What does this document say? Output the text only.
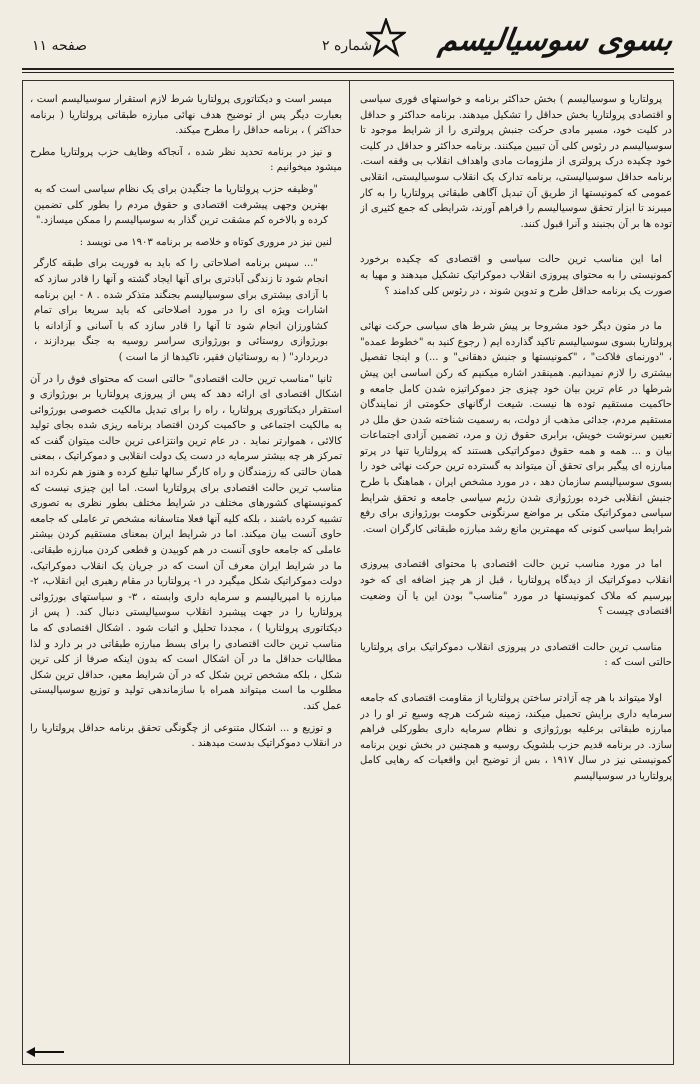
بسوی سوسیالیسم
شماره ۲
صفحه ۱۱

پرولتاریا و سوسیالیسم ) بخش حداکثر برنامه و خواستهای فوری سیاسی و اقتصادی پرولتاریا بخش حداقل را تشکیل میدهند. برنامه حداکثر و حداقل در کلیت خود، مسیر مادی حرکت جنبش پرولتری را از شرایط موجود تا سوسیالیسم در رئوس کلی آن تبیین میکنند. برنامه حداکثر و حداقل در کلیت خود چکیده درک پرولتری از ملزومات مادی واهداف انقلاب بی وقفه است. برنامه حداقل سوسیالیستی، برنامه تدارک یک انقلاب سوسیالیستی، انقلابی عمومی که کمونیستها از طریق آن تبدیل آگاهی طبقاتی پرولتاریا را به کار میبرند تا ابزار تحقق سوسیالیسم را فراهم آورند، شرایطی که جمع کثیری از توده ها بر آن بجنبند و آنرا قبول کنند.

اما این مناسب ترین حالت سیاسی و اقتصادی که چکیده برخورد کمونیستی را به محتوای پیروزی انقلاب دموکراتیک تشکیل میدهند و مهیا به صورت یک برنامه حداقل طرح و تدوین شوند ، در رئوس کلی کدامند ؟

ما در متون دیگر خود مشروحا بر پیش شرط های سیاسی حرکت نهائی پرولتاریا بسوی سوسیالیسم تاکید گذارده ایم ( رجوع کنید به "خطوط عمده" ، "دورنمای فلاکت" ، "کمونیستها و جنبش دهقانی" و ...) و اینجا تفصیل بیشتری را لازم نمیدانیم. همینقدر اشاره میکنیم که رکن اساسی این پیش شرطها در عام ترین بیان خود چیزی جز دموکراتیزه شدن کامل جامعه و حاکمیت مستقیم توده ها نیست. شیعت ارگانهای حکومتی از نمایندگان مستقیم مردم، جدائی مذهب از دولت، به رسمیت شناخته شدن حق ملل در تعیین سرنوشت خویش، برابری حقوق زن و مرد، تضمین آزادی اجتماعات بیان و ... همه و همه حقوق دموکراتیکی هستند که پرولتاریا تنها در پرتو مبارزه ای پیگیر برای تحقق آن میتواند به گسترده ترین حرکت نهائی خود را بسوی سوسیالیسم سازمان دهد ، در مورد مشخص ایران ، هماهنگ با طرح جنبش انقلابی خرده بورژوازی شدن رژیم سیاسی جامعه و تحقق شرایط سیاسی دموکراتیک متکی بر مواضع سرنگونی حکومت بورژوازی برای رفع شرایط سیاسی کنونی که مهمترین مانع رشد مبارزه طبقاتی کارگران است.

اما در مورد مناسب ترین حالت اقتصادی با محتوای اقتصادی پیروزی انقلاب دموکراتیک از دیدگاه پرولتاریا ، قبل از هر چیز اضافه ای که خود بپرسیم که ملاک کمونیستها در مورد "مناسب" بودن این یا آن وضعیت اقتصادی چیست ؟

مناسب ترین حالت اقتصادی در پیروزی انقلاب دموکراتیک برای پرولتاریا حالتی است که :

اولا میتواند با هر چه آزادتر ساختن پرولتاریا از مقاومت اقتصادی که جامعه سرمایه داری برایش تحمیل میکند، زمینه شرکت هرچه وسیع تر او را در مبارزه طبقاتی برعلیه بورژوازی و نظام سرمایه داری بطورکلی فراهم سازد. در برنامه قدیم حزب بلشویک روسیه و همچنین در بخش نوین برنامه کمونیستی نیز در سال ۱۹۱۷ ، بس از توضیح این واقعیات که رهایی کامل پرولتاریا در سوسیالیسم

میسر است و دیکتاتوری پرولتاریا شرط لازم استقرار سوسیالیسم است ، بعبارت دیگر پس از توضیح هدف نهائی مبارزه طبقاتی پرولتاریا ( برنامه حداکثر ) ، برنامه حداقل را مطرح میکند.

و نیز در برنامه تحدید نظر شده ، آنجاکه وظایف حزب پرولتاریا مطرح میشود میخوانیم :

"وظیفه حزب پرولتاریا ما جنگیدن برای یک نظام سیاسی است که به بهترین وجهی پیشرفت اقتصادی و حقوق مردم را بطور کلی تضمین کرده و بالاخره کم مشقت ترین گذار به سوسیالیسم را ممکن میسازد."

لنین نیز در مروری کوتاه و خلاصه بر برنامه ۱۹۰۳ می نویسد :

"... سپس برنامه اصلاحاتی را که باید به فوریت برای طبقه کارگر انجام شود تا زندگی آبادتری برای آنها ایجاد گشته و آنها را قادر سازد که با آزادی بیشتری برای سوسیالیسم بجنگند متذکر شده . ۸ - این برنامه اشارات ویژه ای را در مورد اصلاحاتی که باید سریعا برای تمام کشاورزان انجام شود تا آنها را قادر سازد که با آسانی و آزادانه با بورژوازی روستائی و بورژوازی سراسر روسیه به جنگ بپردازند ، دربردارد" ( به روستائیان فقیر، تاکیدها از ما است )

ثانیا "مناسب ترین حالت اقتصادی" حالتی است که محتوای فوق را در آن اشکال اقتصادی ای ارائه دهد که پس از پیروزی پرولتاریا بر بورژوازی و استقرار دیکتاتوری پرولتاریا ، راه را برای تبدیل مالکیت خصوصی بورژوائی به مالکیت اجتماعی و حاکمیت کردن اقتصاد برنامه ریزی شده بجای تولید کالائی ، هموارتر نماید . در عام ترین وانتزاعی ترین حالت میتوان گفت که تمرکز هر چه بیشتر سرمایه در دست یک دولت انقلابی و دموکراتیک ، بمعنی همان حالتی که رزمندگان و راه کارگر سالها تبلیغ کرده و هنوز هم نکرده اند مناسب ترین حالت اقتصادی برای پرولتاریا است. اما این چیزی نیست که کمونیستهای کشورهای مختلف در شرایط مختلف بطور نظری به تصوری تشبیه کرده باشند ، بلکه کلیه آنها فعلا متاسفانه مشخص تر عاملی که جامعه حاوی آنست بیان میکند. اما در شرایط ایران بمعنای مستقیم کردن بیشتر عاملی که جامعه حاوی آنست در هم کوبیدن و قطعی کردن مبارزه طبقاتی. ما در شرایط ایران معرف آن است که در جریان یک انقلاب دموکراتیک، دولت دموکراتیک شکل میگیرد در ۱- پرولتاریا در مقام رهبری این انقلاب، ۲- مبارزه با امپریالیسم و سرمایه داری وابسته ، ۳- و سیاستهای بورژوائی پرولتاریا را در جهت پیشبرد انقلاب سوسیالیستی دنبال کند. ( پس از دیکتاتوری پرولتاریا ) ، مجددا تحلیل و اثبات شود . اشکال اقتصادی که ما مناسب ترین حالت اقتصادی را برای بسط مبارزه طبقاتی در بر دارد و لذا مطالبات حداقل ما در آن اشکال است که بدون اینکه صرفا از کلی ترین شکل ، بلکه مشخص ترین شکل که در آن شرایط معین، حداقل ترین شکل مطلوب ما است میتواند همراه با سازماندهی تولید و توزیع سوسیالیستی عمل کند.

و توزیع و ... اشکال متنوعی از چگونگی تحقق برنامه حداقل پرولتاریا را در انقلاب دموکراتیک بدست میدهند .
